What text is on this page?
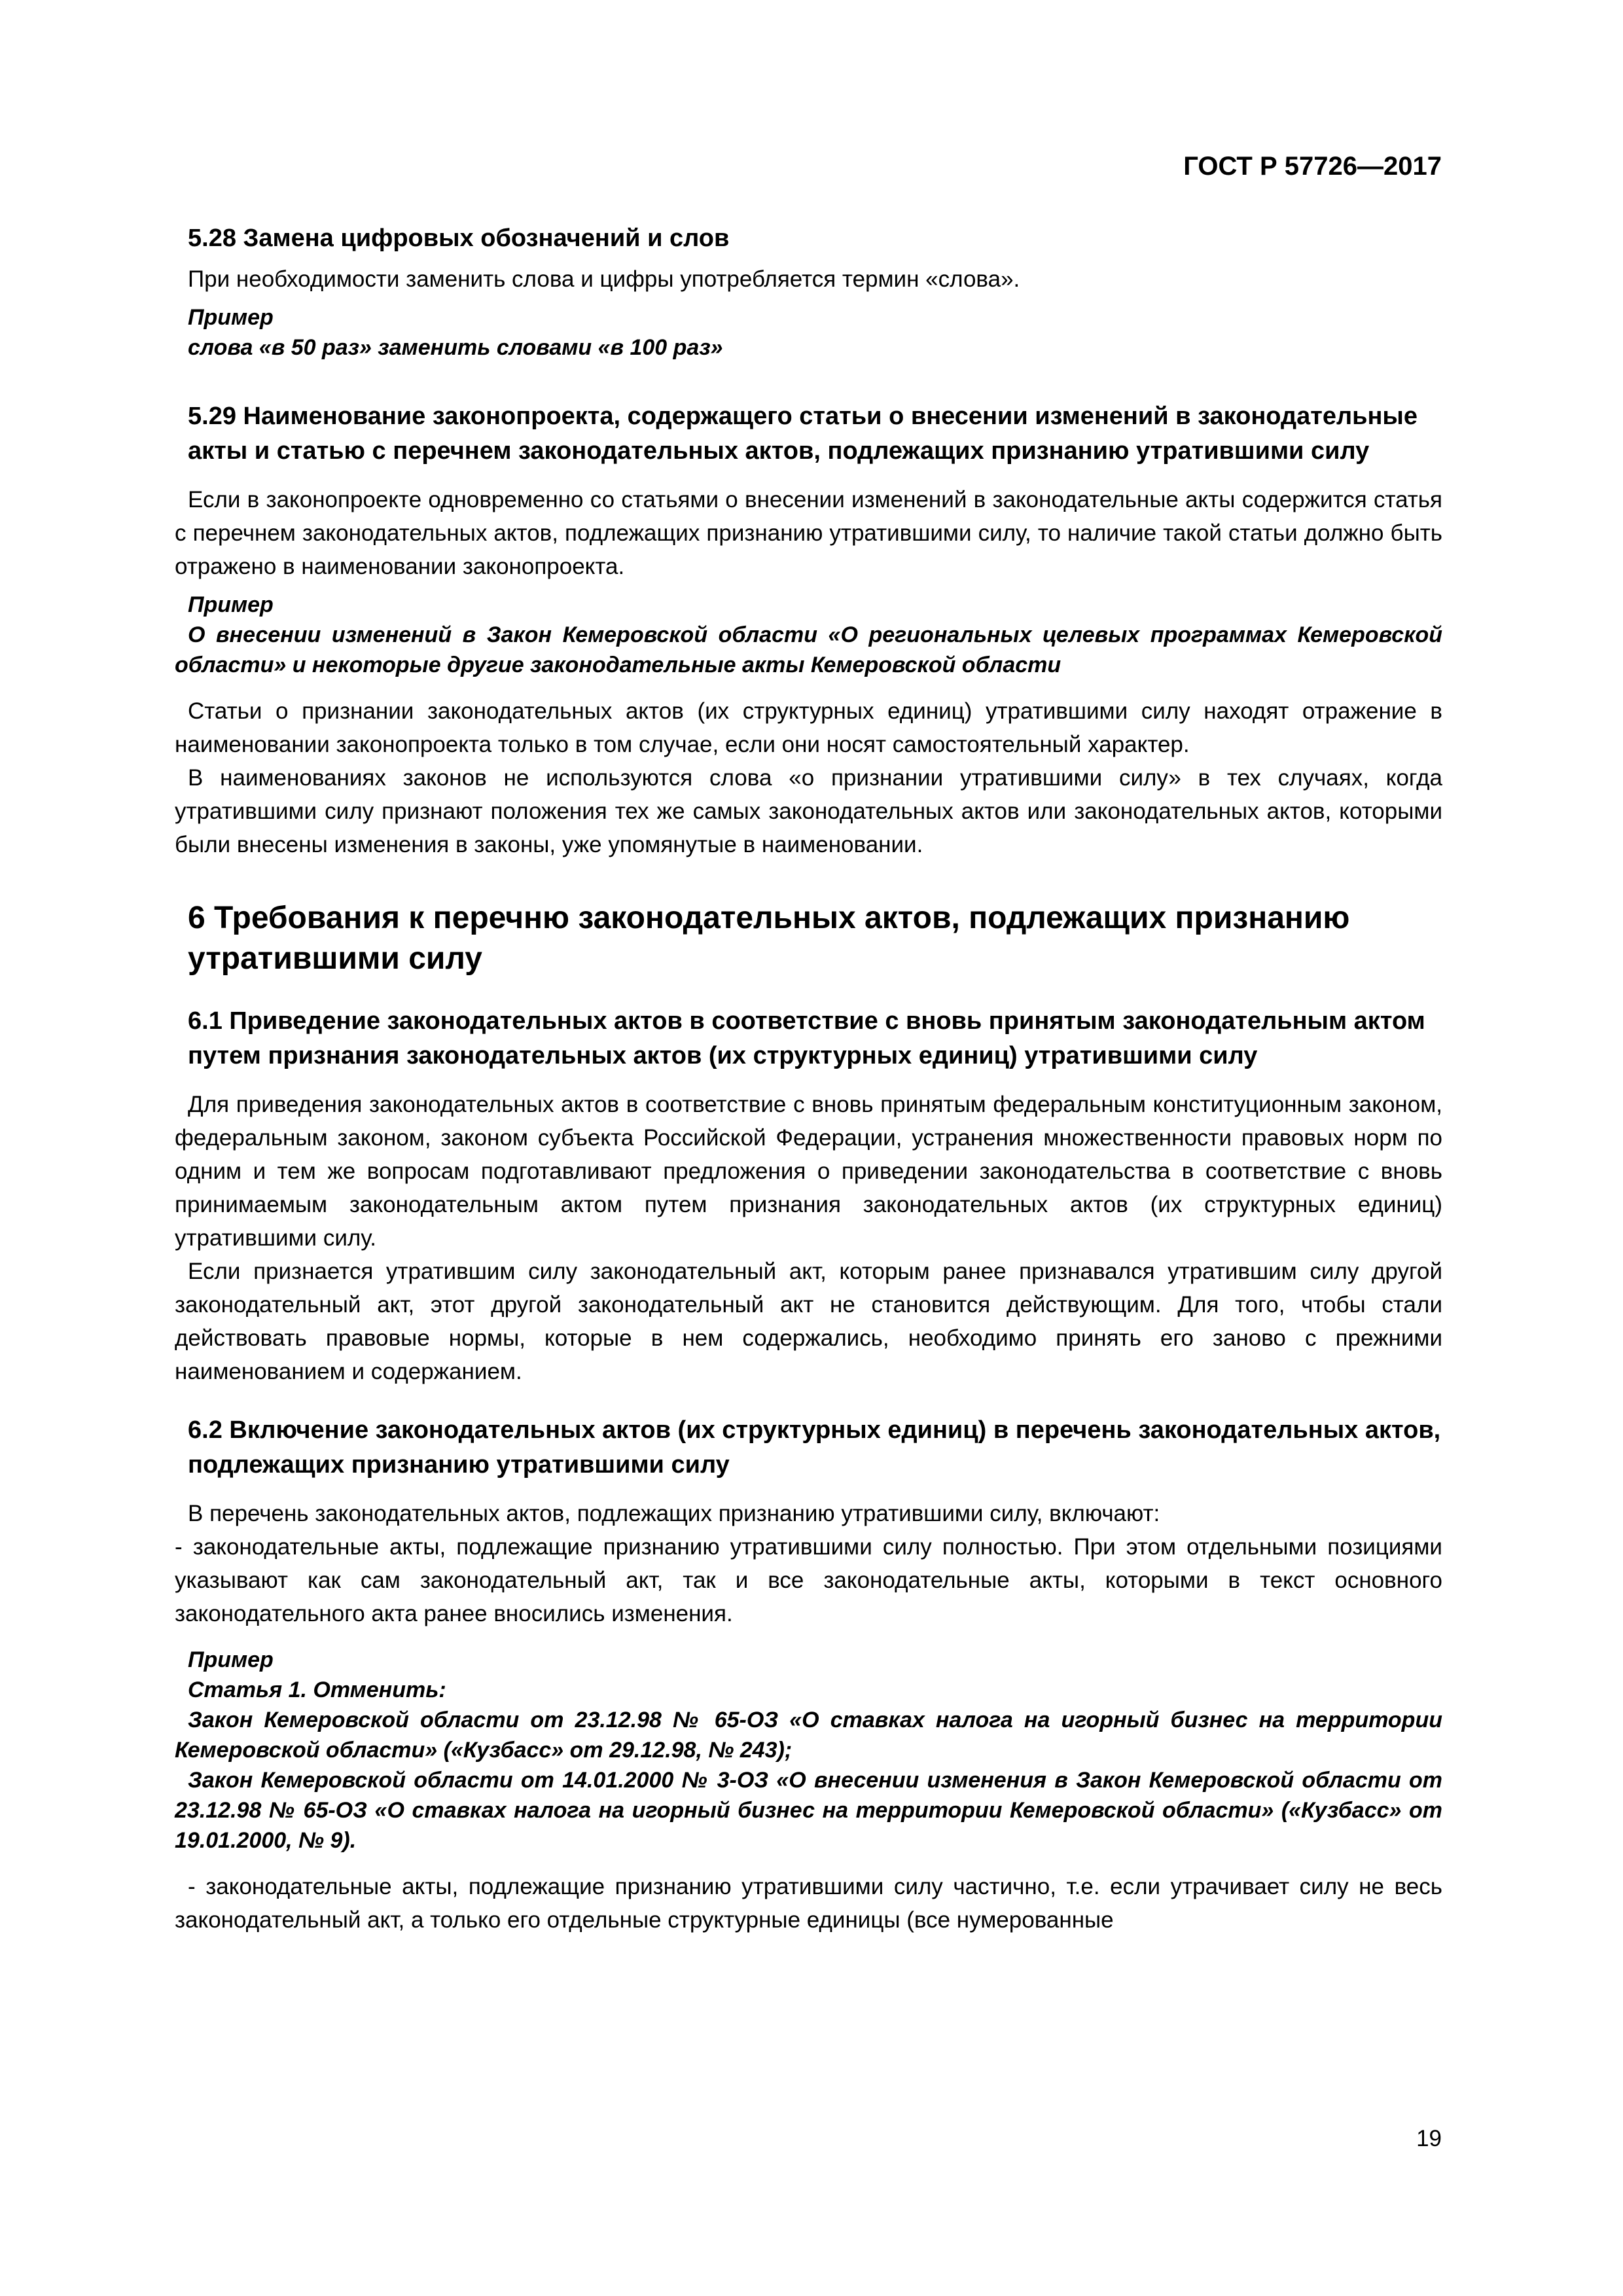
ГОСТ Р 57726—2017

5.28 Замена цифровых обозначений и слов

При необходимости заменить слова и цифры употребляется термин «слова».

Пример

слова «в 50 раз» заменить словами «в 100 раз»

5.29 Наименование законопроекта, содержащего статьи о внесении изменений в законодательные акты и статью с перечнем законодательных актов, подлежащих признанию утратившими силу

Если в законопроекте одновременно со статьями о внесении изменений в законодательные акты содержится статья с перечнем законодательных актов, подлежащих признанию утратившими силу, то наличие такой статьи должно быть отражено в наименовании законопроекта.

Пример

О внесении изменений в Закон Кемеровской области «О региональных целевых программах Кемеровской области» и некоторые другие законодательные акты Кемеровской области

Статьи о признании законодательных актов (их структурных единиц) утратившими силу находят отражение в наименовании законопроекта только в том случае, если они носят самостоятельный характер.

В наименованиях законов не используются слова «о признании утратившими силу» в тех случаях, когда утратившими силу признают положения тех же самых законодательных актов или законодательных актов, которыми были внесены изменения в законы, уже упомянутые в наименовании.

6 Требования к перечню законодательных актов, подлежащих признанию утратившими силу
6.1 Приведение законодательных актов в соответствие с вновь принятым законодательным актом путем признания законодательных актов (их структурных единиц) утратившими силу

Для приведения законодательных актов в соответствие с вновь принятым федеральным конституционным законом, федеральным законом, законом субъекта Российской Федерации, устранения множественности правовых норм по одним и тем же вопросам подготавливают предложения о приведении законодательства в соответствие с вновь принимаемым законодательным актом путем признания законодательных актов (их структурных единиц) утратившими силу.

Если признается утратившим силу законодательный акт, которым ранее признавался утратившим силу другой законодательный акт, этот другой законодательный акт не становится действующим. Для того, чтобы стали действовать правовые нормы, которые в нем содержались, необходимо принять его заново с прежними наименованием и содержанием.

6.2 Включение законодательных актов (их структурных единиц) в перечень законодательных актов, подлежащих признанию утратившими силу

В перечень законодательных актов, подлежащих признанию утратившими силу, включают:

- законодательные акты, подлежащие признанию утратившими силу полностью. При этом отдельными позициями указывают как сам законодательный акт, так и все законодательные акты, которыми в текст основного законодательного акта ранее вносились изменения.

Пример

Статья 1. Отменить:

Закон Кемеровской области от 23.12.98 № 65-ОЗ «О ставках налога на игорный бизнес на территории Кемеровской области» («Кузбасс» от 29.12.98, № 243);

Закон Кемеровской области от 14.01.2000 № 3-ОЗ «О внесении изменения в Закон Кемеровской области от 23.12.98 № 65-ОЗ «О ставках налога на игорный бизнес на территории Кемеровской области» («Кузбасс» от 19.01.2000, № 9).

- законодательные акты, подлежащие признанию утратившими силу частично, т.е. если утрачивает силу не весь законодательный акт, а только его отдельные структурные единицы (все нумерованные

19
